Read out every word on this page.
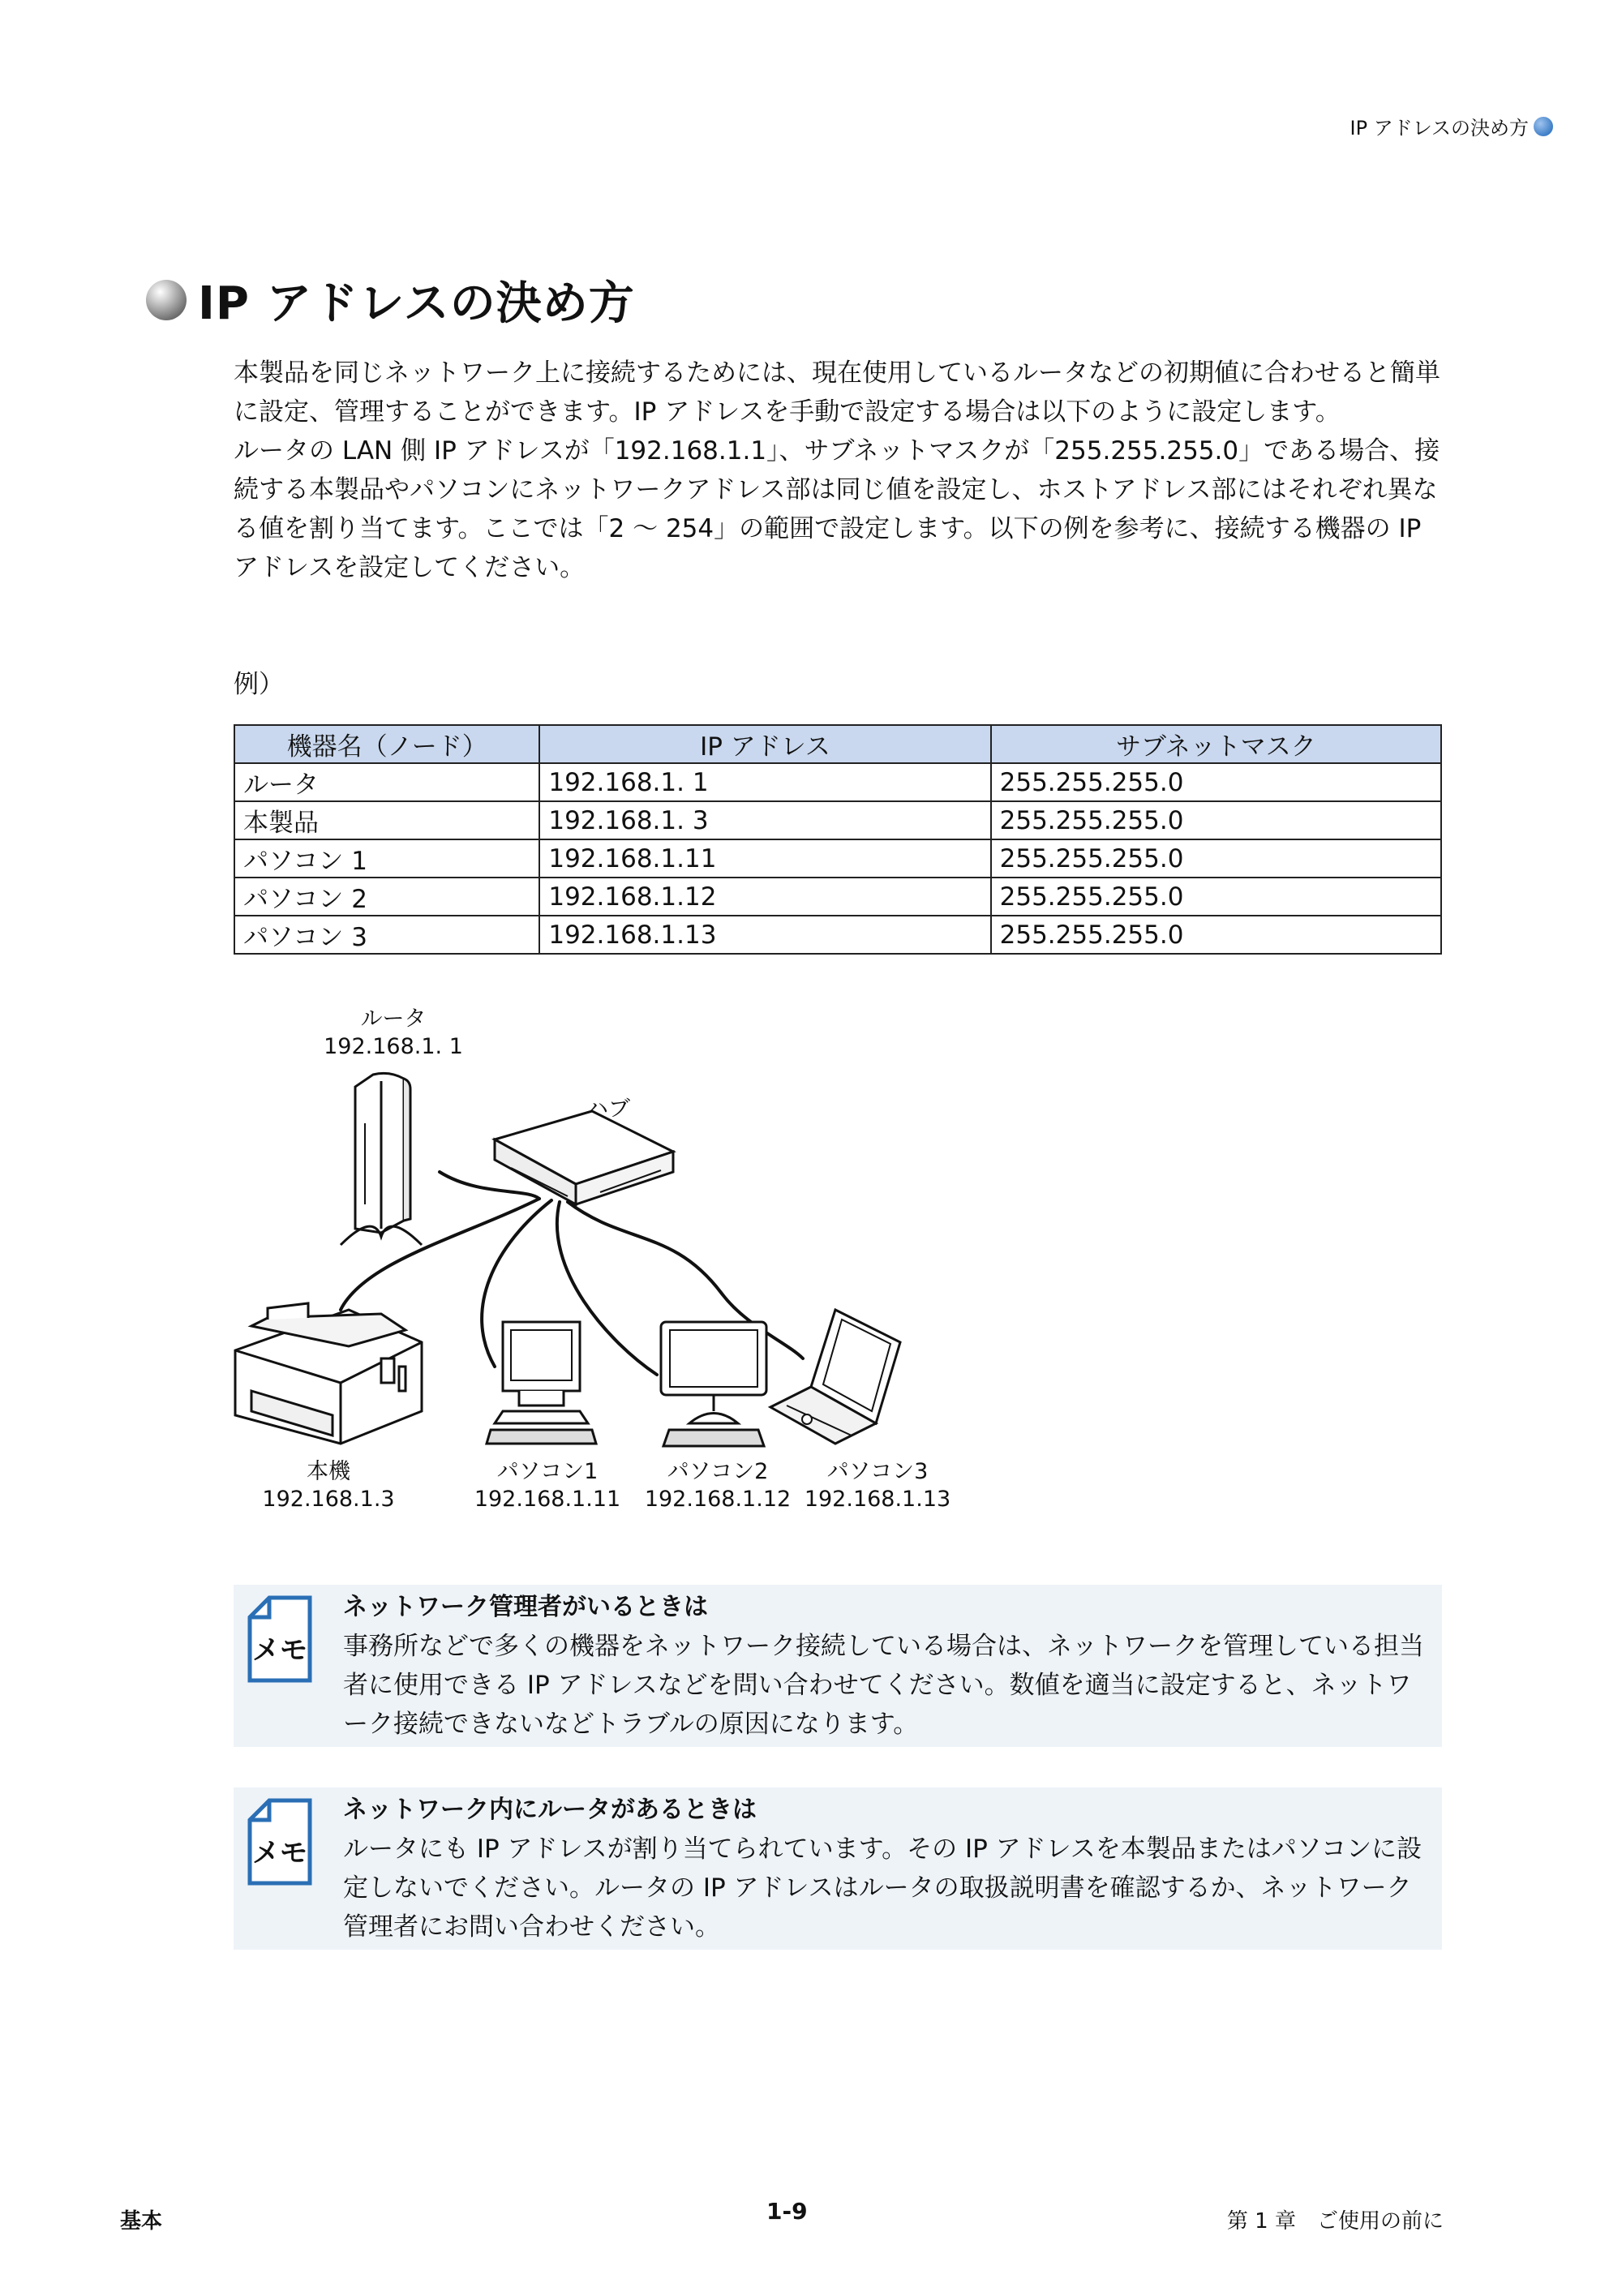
IP アドレスの決め方
IP アドレスの決め方

本製品を同じネットワーク上に接続するためには、現在使用しているルータなどの初期値に合わせると簡単に設定、管理することができます。IP アドレスを手動で設定する場合は以下のように設定します。

ルータの LAN 側 IP アドレスが「192.168.1.1」、サブネットマスクが「255.255.255.0」である場合、接続する本製品やパソコンにネットワークアドレス部は同じ値を設定し、ホストアドレス部にはそれぞれ異なる値を割り当てます。ここでは「2 ～ 254」の範囲で設定します。以下の例を参考に、接続する機器の IP アドレスを設定してください。

例）
機器名（ノード）	IP アドレス	サブネットマスク
ルータ	192.168.1. 1	255.255.255.0
本製品	192.168.1. 3	255.255.255.0
パソコン 1	192.168.1.11	255.255.255.0
パソコン 2	192.168.1.12	255.255.255.0
パソコン 3	192.168.1.13	255.255.255.0
ルータ
192.168.1. 1
ハブ
本機
192.168.1.3
パソコン1
192.168.1.11
パソコン2
192.168.1.12
パソコン3
192.168.1.13
メモ
ネットワーク管理者がいるときは
事務所などで多くの機器をネットワーク接続している場合は、ネットワークを管理している担当者に使用できる IP アドレスなどを問い合わせてください。数値を適当に設定すると、ネットワーク接続できないなどトラブルの原因になります。
メモ
ネットワーク内にルータがあるときは
ルータにも IP アドレスが割り当てられています。その IP アドレスを本製品またはパソコンに設定しないでください。ルータの IP アドレスはルータの取扱説明書を確認するか、ネットワーク管理者にお問い合わせください。
基本	1-9	第 1 章　ご使用の前に
